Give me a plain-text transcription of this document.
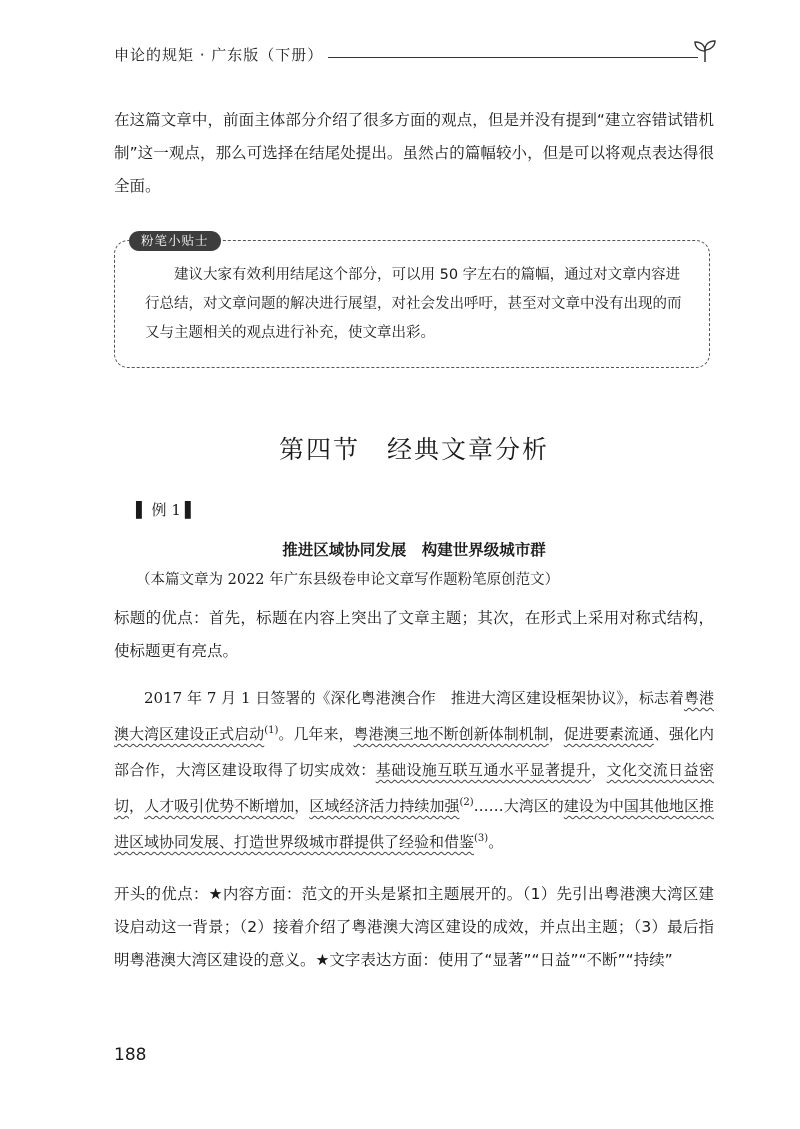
申论的规矩 · 广东版（下册）

在这篇文章中，前面主体部分介绍了很多方面的观点，但是并没有提到“建立容错试错机制”这一观点，那么可选择在结尾处提出。虽然占的篇幅较小，但是可以将观点表达得很全面。

粉笔小贴士

建议大家有效利用结尾这个部分，可以用 50 字左右的篇幅，通过对文章内容进行总结，对文章问题的解决进行展望，对社会发出呼吁，甚至对文章中没有出现的而又与主题相关的观点进行补充，使文章出彩。

第四节　经典文章分析
▌ 例 1 ▌

推进区域协同发展　构建世界级城市群

（本篇文章为 2022 年广东县级卷申论文章写作题粉笔原创范文）

标题的优点：首先，标题在内容上突出了文章主题；其次，在形式上采用对称式结构，使标题更有亮点。

2017 年 7 月 1 日签署的《深化粤港澳合作　推进大湾区建设框架协议》，标志着粤港澳大湾区建设正式启动$^{(1)}$。几年来，粤港澳三地不断创新体制机制，促进要素流通、强化内部合作，大湾区建设取得了切实成效：基础设施互联互通水平显著提升，文化交流日益密切，人才吸引优势不断增加，区域经济活力持续加强$^{(2)}$……大湾区的建设为中国其他地区推进区域协同发展、打造世界级城市群提供了经验和借鉴$^{(3)}$。

开头的优点：★内容方面：范文的开头是紧扣主题展开的。（1）先引出粤港澳大湾区建设启动这一背景；（2）接着介绍了粤港澳大湾区建设的成效，并点出主题；（3）最后指明粤港澳大湾区建设的意义。★文字表达方面：使用了“显著”“日益”“不断”“持续”

188
